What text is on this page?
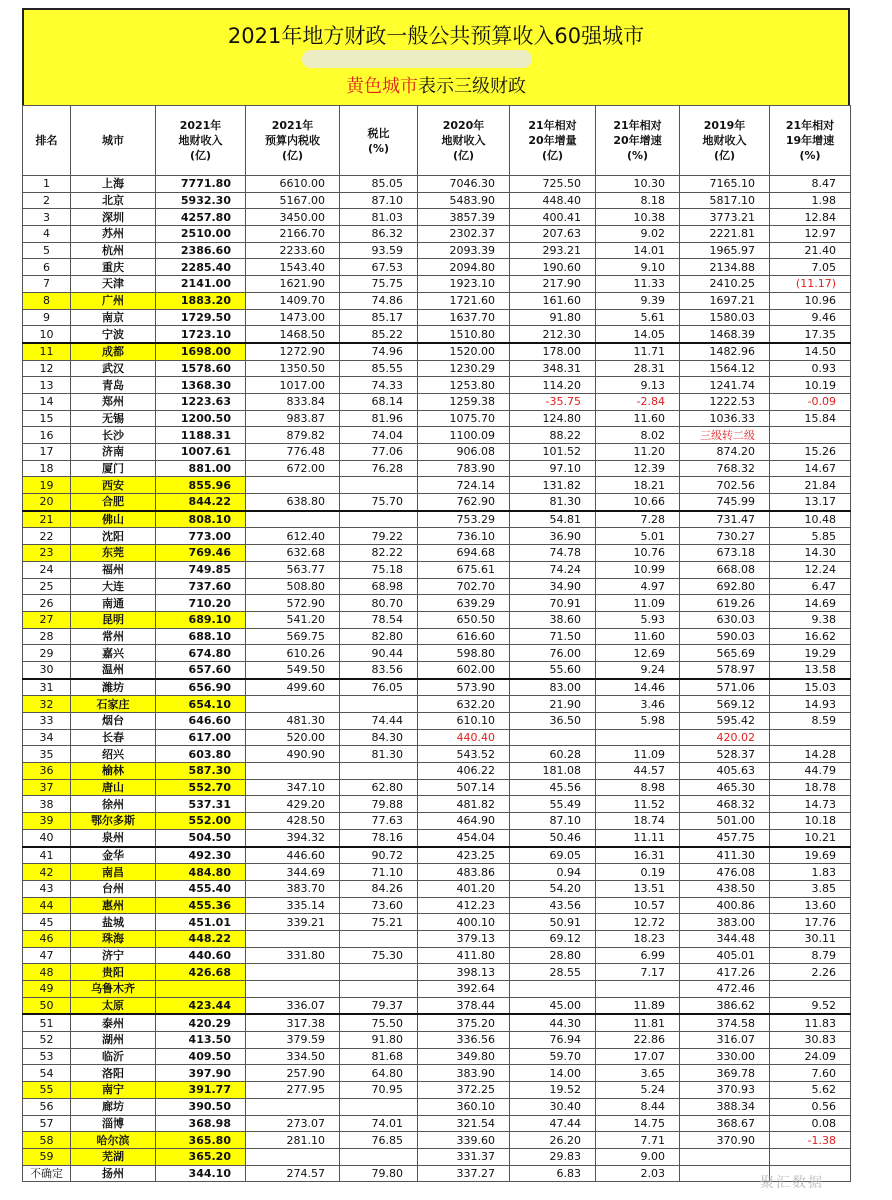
2021年地方财政一般公共预算收入60强城市
黄色城市表示三级财政
排名	城市	2021年
地财收入
(亿)	2021年
预算内税收
(亿)	税比
(%)	2020年
地财收入
(亿)	21年相对
20年增量
(亿)	21年相对
20年增速
(%)	2019年
地财收入
(亿)	21年相对
19年增速
(%)
1	上海	7771.80	6610.00	85.05	7046.30	725.50	10.30	7165.10	8.47
2	北京	5932.30	5167.00	87.10	5483.90	448.40	8.18	5817.10	1.98
3	深圳	4257.80	3450.00	81.03	3857.39	400.41	10.38	3773.21	12.84
4	苏州	2510.00	2166.70	86.32	2302.37	207.63	9.02	2221.81	12.97
5	杭州	2386.60	2233.60	93.59	2093.39	293.21	14.01	1965.97	21.40
6	重庆	2285.40	1543.40	67.53	2094.80	190.60	9.10	2134.88	7.05
7	天津	2141.00	1621.90	75.75	1923.10	217.90	11.33	2410.25	(11.17)
8	广州	1883.20	1409.70	74.86	1721.60	161.60	9.39	1697.21	10.96
9	南京	1729.50	1473.00	85.17	1637.70	91.80	5.61	1580.03	9.46
10	宁波	1723.10	1468.50	85.22	1510.80	212.30	14.05	1468.39	17.35
11	成都	1698.00	1272.90	74.96	1520.00	178.00	11.71	1482.96	14.50
12	武汉	1578.60	1350.50	85.55	1230.29	348.31	28.31	1564.12	0.93
13	青岛	1368.30	1017.00	74.33	1253.80	114.20	9.13	1241.74	10.19
14	郑州	1223.63	833.84	68.14	1259.38	-35.75	-2.84	1222.53	-0.09
15	无锡	1200.50	983.87	81.96	1075.70	124.80	11.60	1036.33	15.84
16	长沙	1188.31	879.82	74.04	1100.09	88.22	8.02	三级转二级	
17	济南	1007.61	776.48	77.06	906.08	101.52	11.20	874.20	15.26
18	厦门	881.00	672.00	76.28	783.90	97.10	12.39	768.32	14.67
19	西安	855.96			724.14	131.82	18.21	702.56	21.84
20	合肥	844.22	638.80	75.70	762.90	81.30	10.66	745.99	13.17
21	佛山	808.10			753.29	54.81	7.28	731.47	10.48
22	沈阳	773.00	612.40	79.22	736.10	36.90	5.01	730.27	5.85
23	东莞	769.46	632.68	82.22	694.68	74.78	10.76	673.18	14.30
24	福州	749.85	563.77	75.18	675.61	74.24	10.99	668.08	12.24
25	大连	737.60	508.80	68.98	702.70	34.90	4.97	692.80	6.47
26	南通	710.20	572.90	80.70	639.29	70.91	11.09	619.26	14.69
27	昆明	689.10	541.20	78.54	650.50	38.60	5.93	630.03	9.38
28	常州	688.10	569.75	82.80	616.60	71.50	11.60	590.03	16.62
29	嘉兴	674.80	610.26	90.44	598.80	76.00	12.69	565.69	19.29
30	温州	657.60	549.50	83.56	602.00	55.60	9.24	578.97	13.58
31	潍坊	656.90	499.60	76.05	573.90	83.00	14.46	571.06	15.03
32	石家庄	654.10			632.20	21.90	3.46	569.12	14.93
33	烟台	646.60	481.30	74.44	610.10	36.50	5.98	595.42	8.59
34	长春	617.00	520.00	84.30	440.40			420.02	
35	绍兴	603.80	490.90	81.30	543.52	60.28	11.09	528.37	14.28
36	榆林	587.30			406.22	181.08	44.57	405.63	44.79
37	唐山	552.70	347.10	62.80	507.14	45.56	8.98	465.30	18.78
38	徐州	537.31	429.20	79.88	481.82	55.49	11.52	468.32	14.73
39	鄂尔多斯	552.00	428.50	77.63	464.90	87.10	18.74	501.00	10.18
40	泉州	504.50	394.32	78.16	454.04	50.46	11.11	457.75	10.21
41	金华	492.30	446.60	90.72	423.25	69.05	16.31	411.30	19.69
42	南昌	484.80	344.69	71.10	483.86	0.94	0.19	476.08	1.83
43	台州	455.40	383.70	84.26	401.20	54.20	13.51	438.50	3.85
44	惠州	455.36	335.14	73.60	412.23	43.56	10.57	400.86	13.60
45	盐城	451.01	339.21	75.21	400.10	50.91	12.72	383.00	17.76
46	珠海	448.22			379.13	69.12	18.23	344.48	30.11
47	济宁	440.60	331.80	75.30	411.80	28.80	6.99	405.01	8.79
48	贵阳	426.68			398.13	28.55	7.17	417.26	2.26
49	乌鲁木齐				392.64			472.46	
50	太原	423.44	336.07	79.37	378.44	45.00	11.89	386.62	9.52
51	泰州	420.29	317.38	75.50	375.20	44.30	11.81	374.58	11.83
52	湖州	413.50	379.59	91.80	336.56	76.94	22.86	316.07	30.83
53	临沂	409.50	334.50	81.68	349.80	59.70	17.07	330.00	24.09
54	洛阳	397.90	257.90	64.80	383.90	14.00	3.65	369.78	7.60
55	南宁	391.77	277.95	70.95	372.25	19.52	5.24	370.93	5.62
56	廊坊	390.50			360.10	30.40	8.44	388.34	0.56
57	淄博	368.98	273.07	74.01	321.54	47.44	14.75	368.67	0.08
58	哈尔滨	365.80	281.10	76.85	339.60	26.20	7.71	370.90	-1.38
59	芜湖	365.20			331.37	29.83	9.00		
不确定	扬州	344.10	274.57	79.80	337.27	6.83	2.03		
聚汇数据
